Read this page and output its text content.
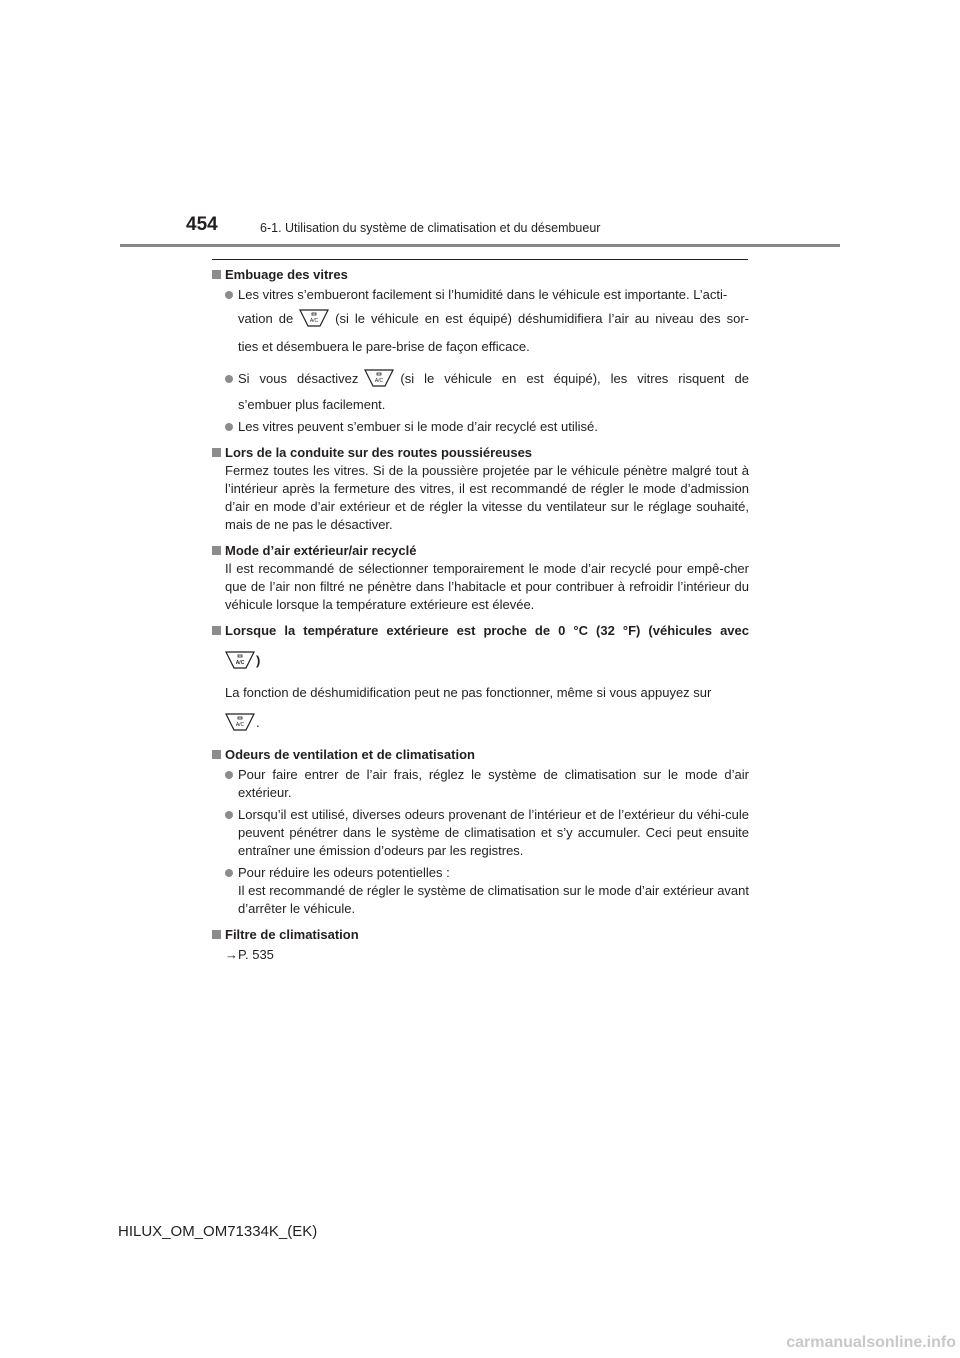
454	6-1. Utilisation du système de climatisation et du désembueur
Embuage des vitres
Les vitres s’embueront facilement si l’humidité dans le véhicule est importante. L’acti-
vation de	A/C (si le véhicule en est équipé) déshumidifiera l’air au niveau des sor-
ties et désembuera le pare-brise de façon efficace.
Si vous désactivez	A/C (si le véhicule en est équipé), les vitres risquent de
s’embuer plus facilement.
Les vitres peuvent s’embuer si le mode d’air recyclé est utilisé.
Lors de la conduite sur des routes poussiéreuses
Fermez toutes les vitres. Si de la poussière projetée par le véhicule pénètre malgré tout à l’intérieur après la fermeture des vitres, il est recommandé de régler le mode d’admission d’air en mode d’air extérieur et de régler la vitesse du ventilateur sur le réglage souhaité, mais de ne pas le désactiver.
Mode d’air extérieur/air recyclé
Il est recommandé de sélectionner temporairement le mode d’air recyclé pour empê-cher que de l’air non filtré ne pénètre dans l’habitacle et pour contribuer à refroidir l’intérieur du véhicule lorsque la température extérieure est élevée.
Lorsque la température extérieure est proche de 0 °C (32 °F) (véhicules avec
A/C )
La fonction de déshumidification peut ne pas fonctionner, même si vous appuyez sur
A/C .
Odeurs de ventilation et de climatisation
Pour faire entrer de l’air frais, réglez le système de climatisation sur le mode d’air extérieur.
Lorsqu’il est utilisé, diverses odeurs provenant de l’intérieur et de l’extérieur du véhi-cule peuvent pénétrer dans le système de climatisation et s’y accumuler. Ceci peut ensuite entraîner une émission d’odeurs par les registres.
Pour réduire les odeurs potentielles :
Il est recommandé de régler le système de climatisation sur le mode d’air extérieur avant d’arrêter le véhicule.
Filtre de climatisation
→P. 535
HILUX_OM_OM71334K_(EK)
carmanualsonline.info
